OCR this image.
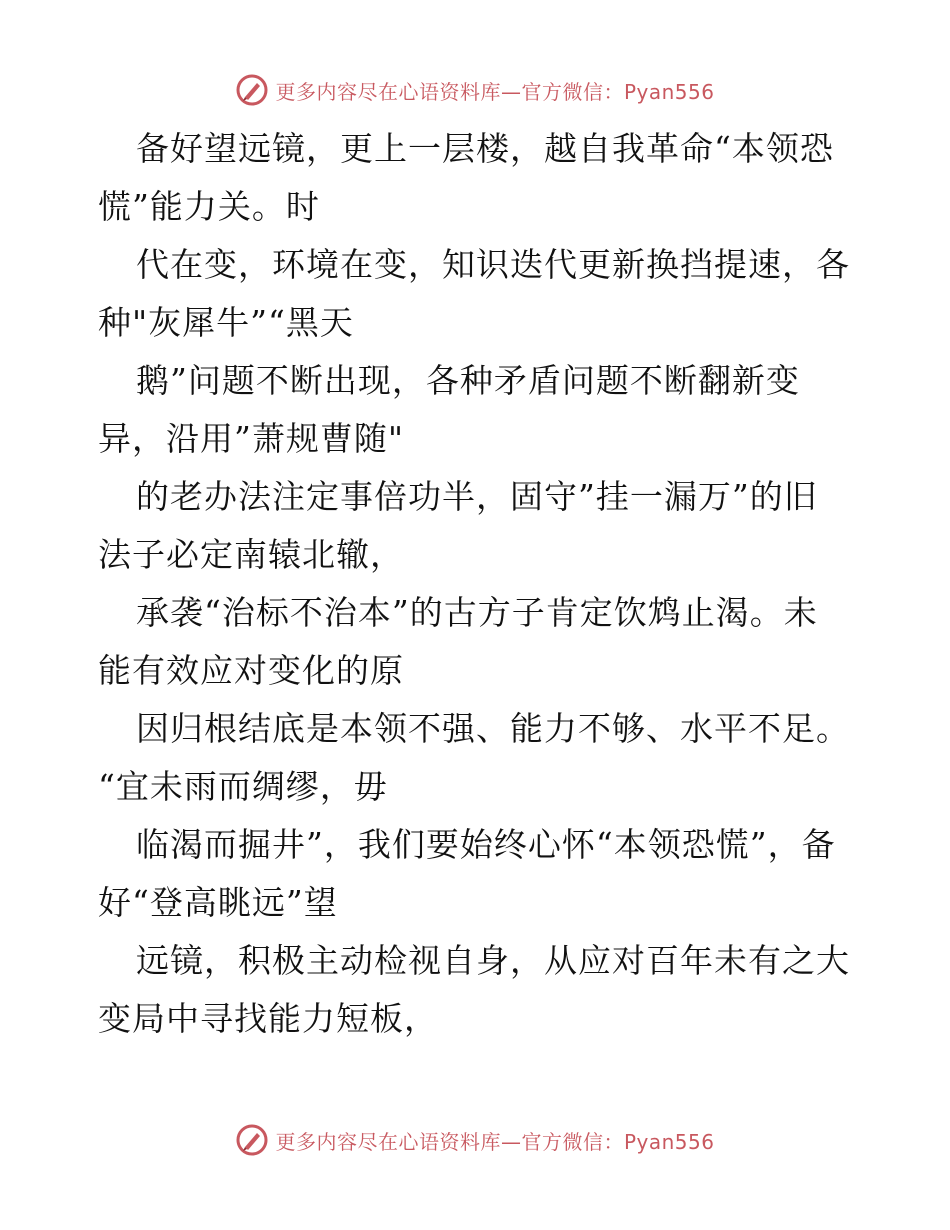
更多内容尽在心语资料库—官方微信：Pyan556
备好望远镜，更上一层楼，越自我革命“本领恐
慌”能力关。时
代在变，环境在变，知识迭代更新换挡提速，各
种"灰犀牛”“黑天
鹅”问题不断出现，各种矛盾问题不断翻新变
异，沿用”萧规曹随"
的老办法注定事倍功半，固守”挂一漏万”的旧
法子必定南辕北辙，
承袭“治标不治本”的古方子肯定饮鸩止渴。未
能有效应对变化的原
因归根结底是本领不强、能力不够、水平不足。
“宜未雨而绸缪，毋
临渴而掘井”，我们要始终心怀“本领恐慌”，备
好“登高眺远”望
远镜，积极主动检视自身，从应对百年未有之大
变局中寻找能力短板，
更多内容尽在心语资料库—官方微信：Pyan556
